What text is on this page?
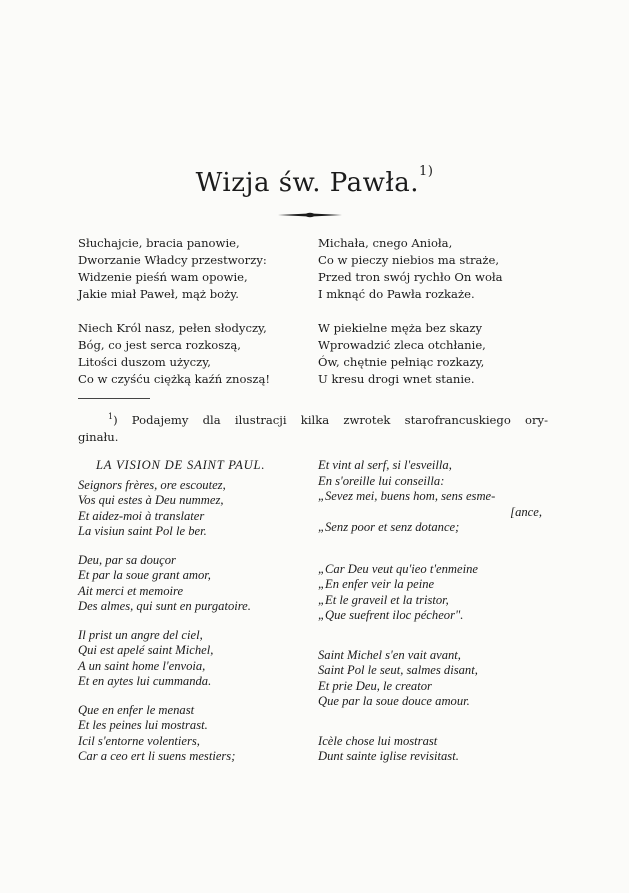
Wizja św. Pawła.$^{1)}$
Słuchajcie, bracia panowie,
Dworzanie Władcy przestworzy:
Widzenie pieśń wam opowie,
Jakie miał Paweł, mąż boży.
Niech Król nasz, pełen słodyczy,
Bóg, co jest serca rozkoszą,
Litości duszom użyczy,
Co w czyśću ciężką kaźń znoszą!
Michała, cnego Anioła,
Co w pieczy niebios ma straże,
Przed tron swój rychło On woła
I mknąć do Pawła rozkaże.
W piekielne męża bez skazy
Wprowadzić zleca otchłanie,
Ów, chętnie pełniąc rozkazy,
U kresu drogi wnet stanie.
$^1$) Podajemy dla ilustracji kilka zwrotek starofrancuskiego ory-
ginału.
LA VISION DE SAINT PAUL.
Seignors frères, ore escoutez,
Vos qui estes à Deu nummez,
Et aidez-moi à translater
La visiun saint Pol le ber.
Deu, par sa douçor
Et par la soue grant amor,
Ait merci et memoire
Des almes, qui sunt en purgatoire.
Il prist un angre del ciel,
Qui est apelé saint Michel,
A un saint home l'envoia,
Et en aytes lui cummanda.
Que en enfer le menast
Et les peines lui mostrast.
Icil s'entorne volentiers,
Car a ceo ert li suens mestiers;
Et vint al serf, si l'esveilla,
En s'oreille lui conseilla:
„Sevez mei, buens hom, sens esme-
[ance,
„Senz poor et senz dotance;
„Car Deu veut qu'ieo t'enmeine
„En enfer veir la peine
„Et le graveil et la tristor,
„Que suefrent iloc pécheor".
Saint Michel s'en vait avant,
Saint Pol le seut, salmes disant,
Et prie Deu, le creator
Que par la soue douce amour.
Icèle chose lui mostrast
Dunt sainte iglise revisitast.
